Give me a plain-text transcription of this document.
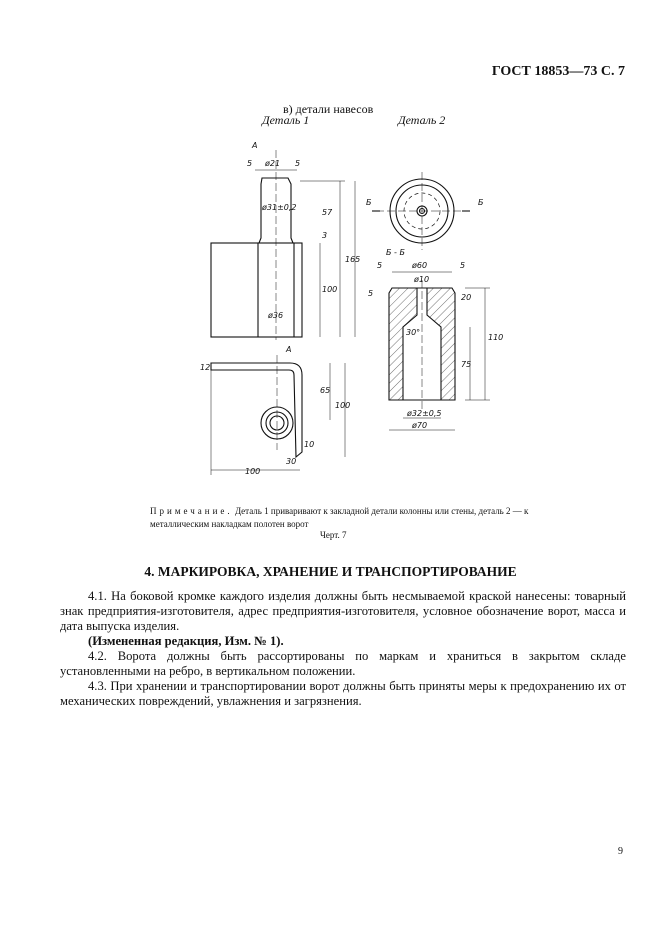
ГОСТ 18853—73 С. 7
в) детали навесов
Деталь 1	Деталь 2
А
5 ø21 5
ø31±0,2
57
3
165
100
ø36
А
12
65
100
10
30
100
Б	Б
Б - Б
5	ø60	5
ø10
5	20
30°
110
75
ø32±0,5
ø70
Примечание. Деталь 1 приваривают к закладной детали колонны или стены, деталь 2 — к металлическим накладкам полотен ворот
Черт. 7
4. МАРКИРОВКА, ХРАНЕНИЕ И ТРАНСПОРТИРОВАНИЕ

4.1. На боковой кромке каждого изделия должны быть несмываемой краской нанесены: товарный знак предприятия-изготовителя, адрес предприятия-изготовителя, условное обозначение ворот, масса и дата выпуска изделия.

(Измененная редакция, Изм. № 1).

4.2. Ворота должны быть рассортированы по маркам и храниться в закрытом складе установленными на ребро, в вертикальном положении.

4.3. При хранении и транспортировании ворот должны быть приняты меры к предохранению их от механических повреждений, увлажнения и загрязнения.

9
